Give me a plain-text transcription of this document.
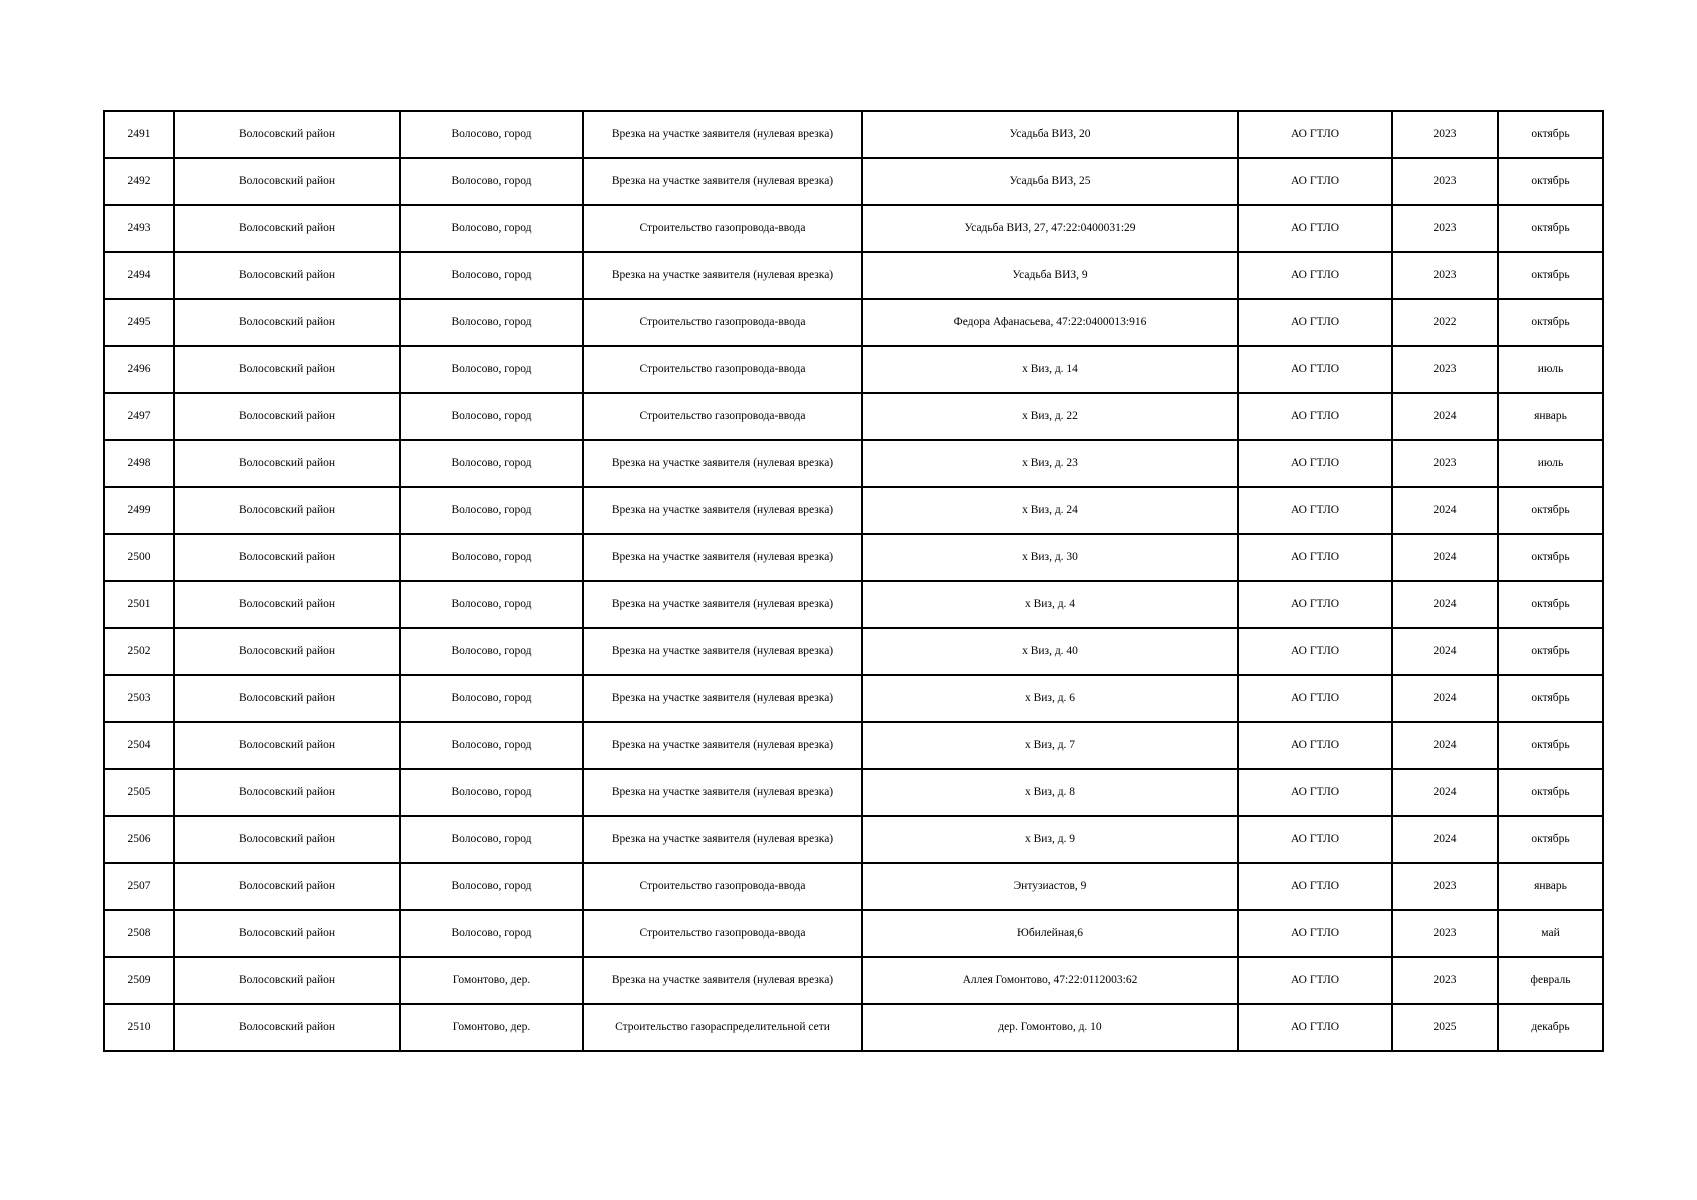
2491	Волосовский район	Волосово, город	Врезка на участке заявителя (нулевая врезка)	Усадьба ВИЗ, 20	АО ГТЛО	2023	октябрь
2492	Волосовский район	Волосово, город	Врезка на участке заявителя (нулевая врезка)	Усадьба ВИЗ, 25	АО ГТЛО	2023	октябрь
2493	Волосовский район	Волосово, город	Строительство газопровода-ввода	Усадьба ВИЗ, 27, 47:22:0400031:29	АО ГТЛО	2023	октябрь
2494	Волосовский район	Волосово, город	Врезка на участке заявителя (нулевая врезка)	Усадьба ВИЗ, 9	АО ГТЛО	2023	октябрь
2495	Волосовский район	Волосово, город	Строительство газопровода-ввода	Федора Афанасьева, 47:22:0400013:916	АО ГТЛО	2022	октябрь
2496	Волосовский район	Волосово, город	Строительство газопровода-ввода	х Виз, д. 14	АО ГТЛО	2023	июль
2497	Волосовский район	Волосово, город	Строительство газопровода-ввода	х Виз, д. 22	АО ГТЛО	2024	январь
2498	Волосовский район	Волосово, город	Врезка на участке заявителя (нулевая врезка)	х Виз, д. 23	АО ГТЛО	2023	июль
2499	Волосовский район	Волосово, город	Врезка на участке заявителя (нулевая врезка)	х Виз, д. 24	АО ГТЛО	2024	октябрь
2500	Волосовский район	Волосово, город	Врезка на участке заявителя (нулевая врезка)	х Виз, д. 30	АО ГТЛО	2024	октябрь
2501	Волосовский район	Волосово, город	Врезка на участке заявителя (нулевая врезка)	х Виз, д. 4	АО ГТЛО	2024	октябрь
2502	Волосовский район	Волосово, город	Врезка на участке заявителя (нулевая врезка)	х Виз, д. 40	АО ГТЛО	2024	октябрь
2503	Волосовский район	Волосово, город	Врезка на участке заявителя (нулевая врезка)	х Виз, д. 6	АО ГТЛО	2024	октябрь
2504	Волосовский район	Волосово, город	Врезка на участке заявителя (нулевая врезка)	х Виз, д. 7	АО ГТЛО	2024	октябрь
2505	Волосовский район	Волосово, город	Врезка на участке заявителя (нулевая врезка)	х Виз, д. 8	АО ГТЛО	2024	октябрь
2506	Волосовский район	Волосово, город	Врезка на участке заявителя (нулевая врезка)	х Виз, д. 9	АО ГТЛО	2024	октябрь
2507	Волосовский район	Волосово, город	Строительство газопровода-ввода	Энтузиастов, 9	АО ГТЛО	2023	январь
2508	Волосовский район	Волосово, город	Строительство газопровода-ввода	Юбилейная,6	АО ГТЛО	2023	май
2509	Волосовский район	Гомонтово, дер.	Врезка на участке заявителя (нулевая врезка)	Аллея Гомонтово, 47:22:0112003:62	АО ГТЛО	2023	февраль
2510	Волосовский район	Гомонтово, дер.	Строительство газораспределительной сети	дер. Гомонтово, д. 10	АО ГТЛО	2025	декабрь
